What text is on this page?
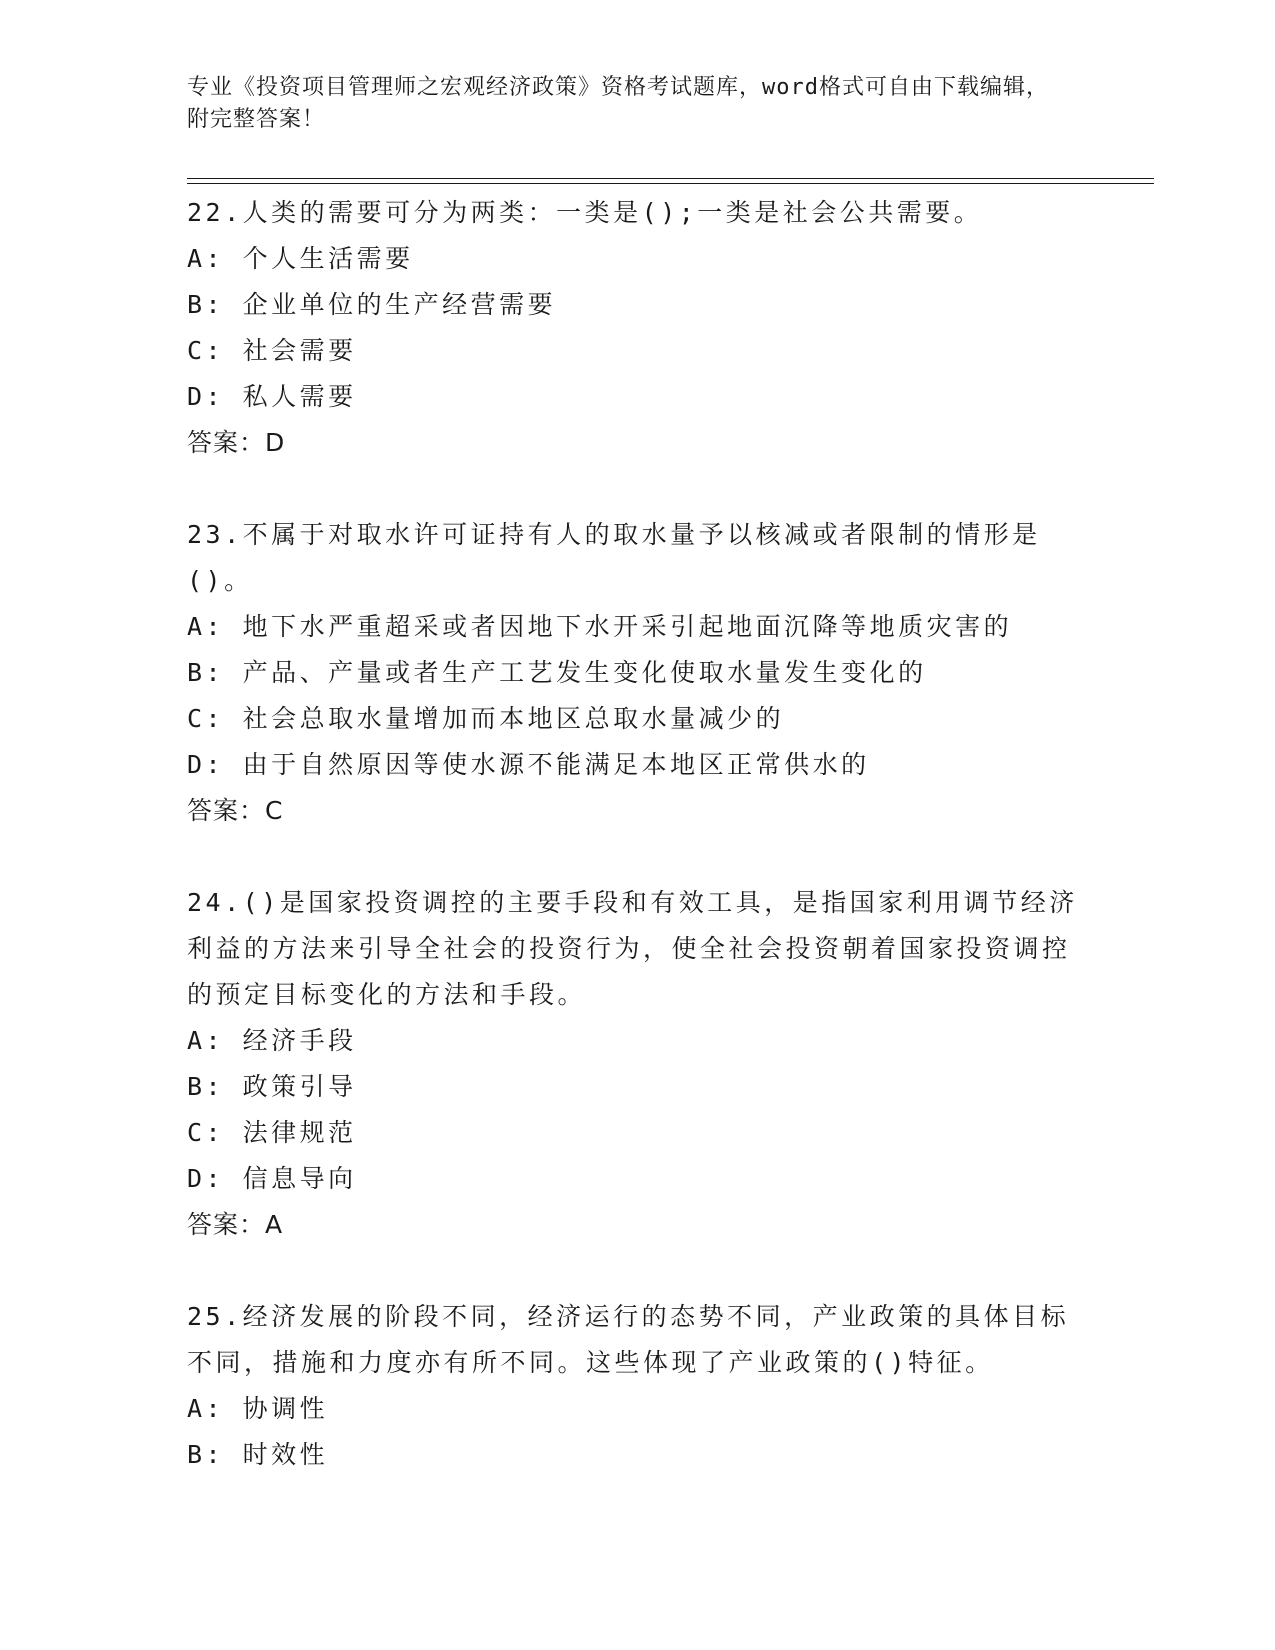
专业《投资项目管理师之宏观经济政策》资格考试题库，word格式可自由下载编辑，附完整答案！

22.人类的需要可分为两类：一类是();一类是社会公共需要。

A: 个人生活需要

B: 企业单位的生产经营需要

C: 社会需要

D: 私人需要

答案：D

23.不属于对取水许可证持有人的取水量予以核减或者限制的情形是()。

A: 地下水严重超采或者因地下水开采引起地面沉降等地质灾害的

B: 产品、产量或者生产工艺发生变化使取水量发生变化的

C: 社会总取水量增加而本地区总取水量减少的

D: 由于自然原因等使水源不能满足本地区正常供水的

答案：C

24.()是国家投资调控的主要手段和有效工具，是指国家利用调节经济利益的方法来引导全社会的投资行为，使全社会投资朝着国家投资调控的预定目标变化的方法和手段。

A: 经济手段

B: 政策引导

C: 法律规范

D: 信息导向

答案：A

25.经济发展的阶段不同，经济运行的态势不同，产业政策的具体目标不同，措施和力度亦有所不同。这些体现了产业政策的()特征。

A: 协调性

B: 时效性
